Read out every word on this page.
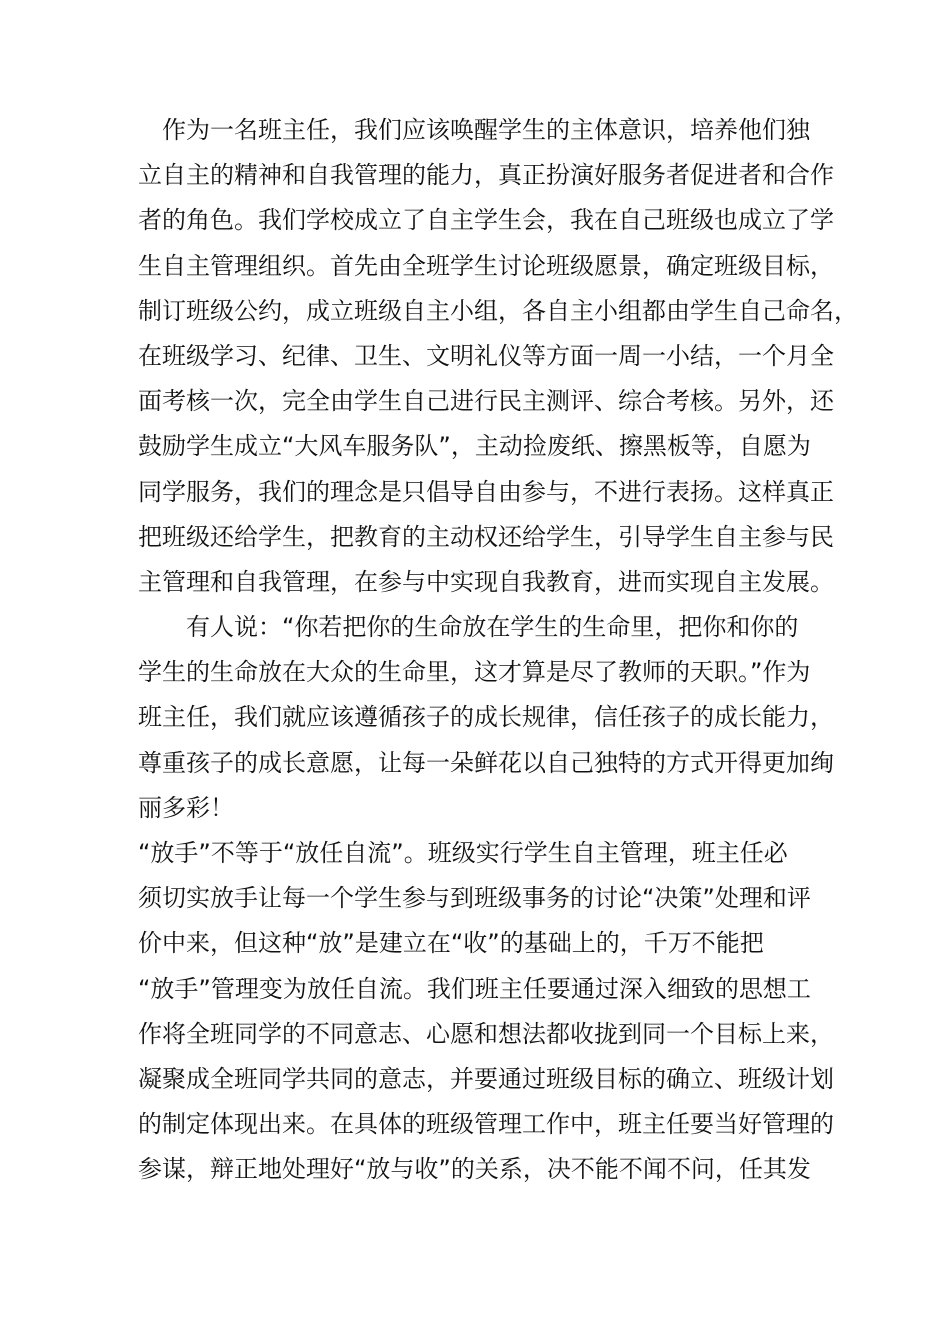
　作为一名班主任，我们应该唤醒学生的主体意识，培养他们独
立自主的精神和自我管理的能力，真正扮演好服务者促进者和合作
者的角色。我们学校成立了自主学生会，我在自己班级也成立了学
生自主管理组织。首先由全班学生讨论班级愿景，确定班级目标，
制订班级公约，成立班级自主小组，各自主小组都由学生自己命名，
在班级学习、纪律、卫生、文明礼仪等方面一周一小结，一个月全
面考核一次，完全由学生自己进行民主测评、综合考核。另外，还
鼓励学生成立“大风车服务队”，主动捡废纸、擦黑板等，自愿为
同学服务，我们的理念是只倡导自由参与，不进行表扬。这样真正
把班级还给学生，把教育的主动权还给学生，引导学生自主参与民
主管理和自我管理，在参与中实现自我教育，进而实现自主发展。
　　有人说：“你若把你的生命放在学生的生命里，把你和你的
学生的生命放在大众的生命里，这才算是尽了教师的天职。”作为
班主任，我们就应该遵循孩子的成长规律，信任孩子的成长能力，
尊重孩子的成长意愿，让每一朵鲜花以自己独特的方式开得更加绚
丽多彩！
“放手”不等于“放任自流”。班级实行学生自主管理，班主任必
须切实放手让每一个学生参与到班级事务的讨论“决策”处理和评
价中来，但这种“放”是建立在“收”的基础上的，千万不能把
“放手”管理变为放任自流。我们班主任要通过深入细致的思想工
作将全班同学的不同意志、心愿和想法都收拢到同一个目标上来，
凝聚成全班同学共同的意志，并要通过班级目标的确立、班级计划
的制定体现出来。在具体的班级管理工作中，班主任要当好管理的
参谋，辩正地处理好“放与收”的关系，决不能不闻不问，任其发
